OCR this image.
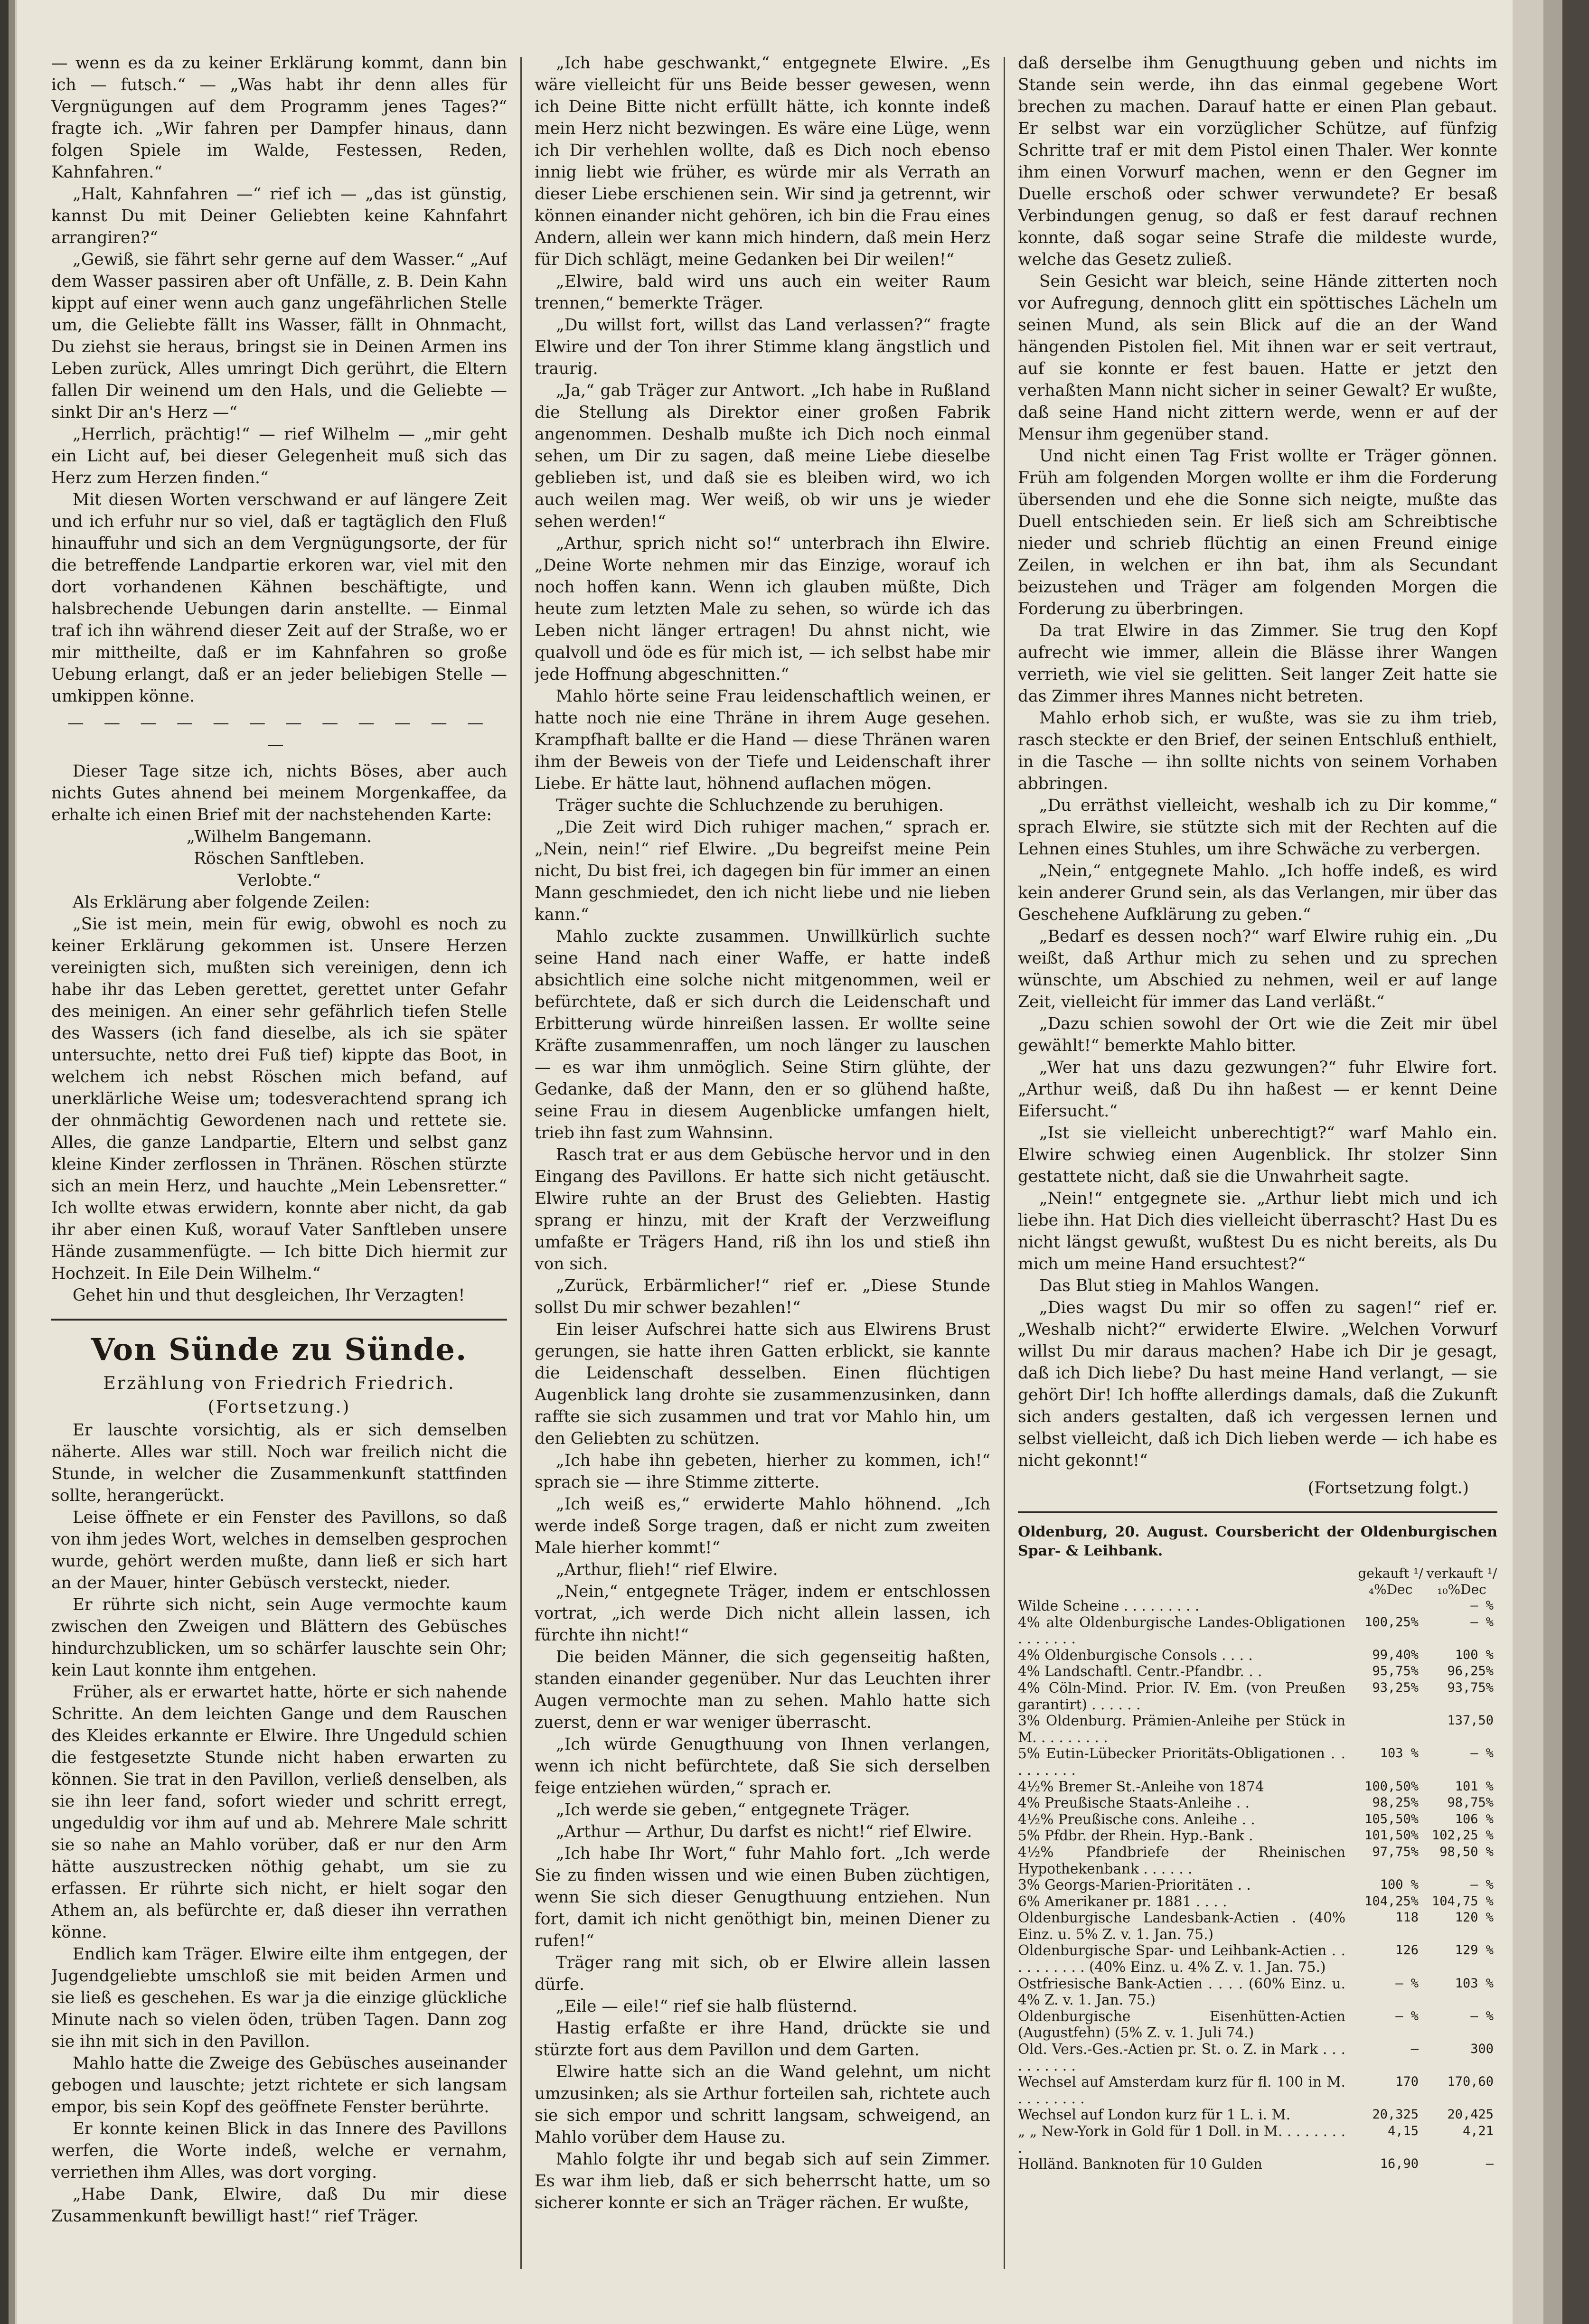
— wenn es da zu keiner Erklärung kommt, dann bin ich — futsch.“ — „Was habt ihr denn alles für Vergnügungen auf dem Programm jenes Tages?“ fragte ich. „Wir fahren per Dampfer hinaus, dann folgen Spiele im Walde, Festessen, Reden, Kahnfahren.“

„Halt, Kahnfahren —“ rief ich — „das ist günstig, kannst Du mit Deiner Geliebten keine Kahnfahrt arrangiren?“

„Gewiß, sie fährt sehr gerne auf dem Wasser.“ „Auf dem Wasser passiren aber oft Unfälle, z. B. Dein Kahn kippt auf einer wenn auch ganz ungefährlichen Stelle um, die Geliebte fällt ins Wasser, fällt in Ohnmacht, Du ziehst sie heraus, bringst sie in Deinen Armen ins Leben zurück, Alles umringt Dich gerührt, die Eltern fallen Dir weinend um den Hals, und die Geliebte — sinkt Dir an's Herz —“

„Herrlich, prächtig!“ — rief Wilhelm — „mir geht ein Licht auf, bei dieser Gelegenheit muß sich das Herz zum Herzen finden.“

Mit diesen Worten verschwand er auf längere Zeit und ich erfuhr nur so viel, daß er tagtäglich den Fluß hinauffuhr und sich an dem Vergnügungsorte, der für die betreffende Landpartie erkoren war, viel mit den dort vorhandenen Kähnen beschäftigte, und halsbrechende Uebungen darin anstellte. — Einmal traf ich ihn während dieser Zeit auf der Straße, wo er mir mittheilte, daß er im Kahnfahren so große Uebung erlangt, daß er an jeder beliebigen Stelle — umkippen könne.

— — — — — — — — — — — — —

Dieser Tage sitze ich, nichts Böses, aber auch nichts Gutes ahnend bei meinem Morgenkaffee, da erhalte ich einen Brief mit der nachstehenden Karte:

„Wilhelm Bangemann.

Röschen Sanftleben.

Verlobte.“

Als Erklärung aber folgende Zeilen:

„Sie ist mein, mein für ewig, obwohl es noch zu keiner Erklärung gekommen ist. Unsere Herzen vereinigten sich, mußten sich vereinigen, denn ich habe ihr das Leben gerettet, gerettet unter Gefahr des meinigen. An einer sehr gefährlich tiefen Stelle des Wassers (ich fand dieselbe, als ich sie später untersuchte, netto drei Fuß tief) kippte das Boot, in welchem ich nebst Röschen mich befand, auf unerklärliche Weise um; todesverachtend sprang ich der ohnmächtig Gewordenen nach und rettete sie. Alles, die ganze Landpartie, Eltern und selbst ganz kleine Kinder zerflossen in Thränen. Röschen stürzte sich an mein Herz, und hauchte „Mein Lebensretter.“ Ich wollte etwas erwidern, konnte aber nicht, da gab ihr aber einen Kuß, worauf Vater Sanftleben unsere Hände zusammenfügte. — Ich bitte Dich hiermit zur Hochzeit. In Eile Dein Wilhelm.“

Gehet hin und thut desgleichen, Ihr Verzagten!

Von Sünde zu Sünde.
Erzählung von Friedrich Friedrich.
(Fortsetzung.)

Er lauschte vorsichtig, als er sich demselben näherte. Alles war still. Noch war freilich nicht die Stunde, in welcher die Zusammenkunft stattfinden sollte, herangerückt.

Leise öffnete er ein Fenster des Pavillons, so daß von ihm jedes Wort, welches in demselben gesprochen wurde, gehört werden mußte, dann ließ er sich hart an der Mauer, hinter Gebüsch versteckt, nieder.

Er rührte sich nicht, sein Auge vermochte kaum zwischen den Zweigen und Blättern des Gebüsches hindurchzublicken, um so schärfer lauschte sein Ohr; kein Laut konnte ihm entgehen.

Früher, als er erwartet hatte, hörte er sich nahende Schritte. An dem leichten Gange und dem Rauschen des Kleides erkannte er Elwire. Ihre Ungeduld schien die festgesetzte Stunde nicht haben erwarten zu können. Sie trat in den Pavillon, verließ denselben, als sie ihn leer fand, sofort wieder und schritt erregt, ungeduldig vor ihm auf und ab. Mehrere Male schritt sie so nahe an Mahlo vorüber, daß er nur den Arm hätte auszustrecken nöthig gehabt, um sie zu erfassen. Er rührte sich nicht, er hielt sogar den Athem an, als befürchte er, daß dieser ihn verrathen könne.

Endlich kam Träger. Elwire eilte ihm entgegen, der Jugendgeliebte umschloß sie mit beiden Armen und sie ließ es geschehen. Es war ja die einzige glückliche Minute nach so vielen öden, trüben Tagen. Dann zog sie ihn mit sich in den Pavillon.

Mahlo hatte die Zweige des Gebüsches auseinander gebogen und lauschte; jetzt richtete er sich langsam empor, bis sein Kopf des geöffnete Fenster berührte.

Er konnte keinen Blick in das Innere des Pavillons werfen, die Worte indeß, welche er vernahm, verriethen ihm Alles, was dort vorging.

„Habe Dank, Elwire, daß Du mir diese Zusammenkunft bewilligt hast!“ rief Träger.

„Ich habe geschwankt,“ entgegnete Elwire. „Es wäre vielleicht für uns Beide besser gewesen, wenn ich Deine Bitte nicht erfüllt hätte, ich konnte indeß mein Herz nicht bezwingen. Es wäre eine Lüge, wenn ich Dir verhehlen wollte, daß es Dich noch ebenso innig liebt wie früher, es würde mir als Verrath an dieser Liebe erschienen sein. Wir sind ja getrennt, wir können einander nicht gehören, ich bin die Frau eines Andern, allein wer kann mich hindern, daß mein Herz für Dich schlägt, meine Gedanken bei Dir weilen!“

„Elwire, bald wird uns auch ein weiter Raum trennen,“ bemerkte Träger.

„Du willst fort, willst das Land verlassen?“ fragte Elwire und der Ton ihrer Stimme klang ängstlich und traurig.

„Ja,“ gab Träger zur Antwort. „Ich habe in Rußland die Stellung als Direktor einer großen Fabrik angenommen. Deshalb mußte ich Dich noch einmal sehen, um Dir zu sagen, daß meine Liebe dieselbe geblieben ist, und daß sie es bleiben wird, wo ich auch weilen mag. Wer weiß, ob wir uns je wieder sehen werden!“

„Arthur, sprich nicht so!“ unterbrach ihn Elwire. „Deine Worte nehmen mir das Einzige, worauf ich noch hoffen kann. Wenn ich glauben müßte, Dich heute zum letzten Male zu sehen, so würde ich das Leben nicht länger ertragen! Du ahnst nicht, wie qualvoll und öde es für mich ist, — ich selbst habe mir jede Hoffnung abgeschnitten.“

Mahlo hörte seine Frau leidenschaftlich weinen, er hatte noch nie eine Thräne in ihrem Auge gesehen. Krampfhaft ballte er die Hand — diese Thränen waren ihm der Beweis von der Tiefe und Leidenschaft ihrer Liebe. Er hätte laut, höhnend auflachen mögen.

Träger suchte die Schluchzende zu beruhigen.

„Die Zeit wird Dich ruhiger machen,“ sprach er. „Nein, nein!“ rief Elwire. „Du begreifst meine Pein nicht, Du bist frei, ich dagegen bin für immer an einen Mann geschmiedet, den ich nicht liebe und nie lieben kann.“

Mahlo zuckte zusammen. Unwillkürlich suchte seine Hand nach einer Waffe, er hatte indeß absichtlich eine solche nicht mitgenommen, weil er befürchtete, daß er sich durch die Leidenschaft und Erbitterung würde hinreißen lassen. Er wollte seine Kräfte zusammenraffen, um noch länger zu lauschen — es war ihm unmöglich. Seine Stirn glühte, der Gedanke, daß der Mann, den er so glühend haßte, seine Frau in diesem Augenblicke umfangen hielt, trieb ihn fast zum Wahnsinn.

Rasch trat er aus dem Gebüsche hervor und in den Eingang des Pavillons. Er hatte sich nicht getäuscht. Elwire ruhte an der Brust des Geliebten. Hastig sprang er hinzu, mit der Kraft der Verzweiflung umfaßte er Trägers Hand, riß ihn los und stieß ihn von sich.

„Zurück, Erbärmlicher!“ rief er. „Diese Stunde sollst Du mir schwer bezahlen!“

Ein leiser Aufschrei hatte sich aus Elwirens Brust gerungen, sie hatte ihren Gatten erblickt, sie kannte die Leidenschaft desselben. Einen flüchtigen Augenblick lang drohte sie zusammenzusinken, dann raffte sie sich zusammen und trat vor Mahlo hin, um den Geliebten zu schützen.

„Ich habe ihn gebeten, hierher zu kommen, ich!“ sprach sie — ihre Stimme zitterte.

„Ich weiß es,“ erwiderte Mahlo höhnend. „Ich werde indeß Sorge tragen, daß er nicht zum zweiten Male hierher kommt!“

„Arthur, flieh!“ rief Elwire.

„Nein,“ entgegnete Träger, indem er entschlossen vortrat, „ich werde Dich nicht allein lassen, ich fürchte ihn nicht!“

Die beiden Männer, die sich gegenseitig haßten, standen einander gegenüber. Nur das Leuchten ihrer Augen vermochte man zu sehen. Mahlo hatte sich zuerst, denn er war weniger überrascht.

„Ich würde Genugthuung von Ihnen verlangen, wenn ich nicht befürchtete, daß Sie sich derselben feige entziehen würden,“ sprach er.

„Ich werde sie geben,“ entgegnete Träger.

„Arthur — Arthur, Du darfst es nicht!“ rief Elwire.

„Ich habe Ihr Wort,“ fuhr Mahlo fort. „Ich werde Sie zu finden wissen und wie einen Buben züchtigen, wenn Sie sich dieser Genugthuung entziehen. Nun fort, damit ich nicht genöthigt bin, meinen Diener zu rufen!“

Träger rang mit sich, ob er Elwire allein lassen dürfe.

„Eile — eile!“ rief sie halb flüsternd.

Hastig erfaßte er ihre Hand, drückte sie und stürzte fort aus dem Pavillon und dem Garten.

Elwire hatte sich an die Wand gelehnt, um nicht umzusinken; als sie Arthur forteilen sah, richtete auch sie sich empor und schritt langsam, schweigend, an Mahlo vorüber dem Hause zu.

Mahlo folgte ihr und begab sich auf sein Zimmer. Es war ihm lieb, daß er sich beherrscht hatte, um so sicherer konnte er sich an Träger rächen. Er wußte,

daß derselbe ihm Genugthuung geben und nichts im Stande sein werde, ihn das einmal gegebene Wort brechen zu machen. Darauf hatte er einen Plan gebaut. Er selbst war ein vorzüglicher Schütze, auf fünfzig Schritte traf er mit dem Pistol einen Thaler. Wer konnte ihm einen Vorwurf machen, wenn er den Gegner im Duelle erschoß oder schwer verwundete? Er besaß Verbindungen genug, so daß er fest darauf rechnen konnte, daß sogar seine Strafe die mildeste wurde, welche das Gesetz zuließ.

Sein Gesicht war bleich, seine Hände zitterten noch vor Aufregung, dennoch glitt ein spöttisches Lächeln um seinen Mund, als sein Blick auf die an der Wand hängenden Pistolen fiel. Mit ihnen war er seit vertraut, auf sie konnte er fest bauen. Hatte er jetzt den verhaßten Mann nicht sicher in seiner Gewalt? Er wußte, daß seine Hand nicht zittern werde, wenn er auf der Mensur ihm gegenüber stand.

Und nicht einen Tag Frist wollte er Träger gönnen. Früh am folgenden Morgen wollte er ihm die Forderung übersenden und ehe die Sonne sich neigte, mußte das Duell entschieden sein. Er ließ sich am Schreibtische nieder und schrieb flüchtig an einen Freund einige Zeilen, in welchen er ihn bat, ihm als Secundant beizustehen und Träger am folgenden Morgen die Forderung zu überbringen.

Da trat Elwire in das Zimmer. Sie trug den Kopf aufrecht wie immer, allein die Blässe ihrer Wangen verrieth, wie viel sie gelitten. Seit langer Zeit hatte sie das Zimmer ihres Mannes nicht betreten.

Mahlo erhob sich, er wußte, was sie zu ihm trieb, rasch steckte er den Brief, der seinen Entschluß enthielt, in die Tasche — ihn sollte nichts von seinem Vorhaben abbringen.

„Du erräthst vielleicht, weshalb ich zu Dir komme,“ sprach Elwire, sie stützte sich mit der Rechten auf die Lehnen eines Stuhles, um ihre Schwäche zu verbergen.

„Nein,“ entgegnete Mahlo. „Ich hoffe indeß, es wird kein anderer Grund sein, als das Verlangen, mir über das Geschehene Aufklärung zu geben.“

„Bedarf es dessen noch?“ warf Elwire ruhig ein. „Du weißt, daß Arthur mich zu sehen und zu sprechen wünschte, um Abschied zu nehmen, weil er auf lange Zeit, vielleicht für immer das Land verläßt.“

„Dazu schien sowohl der Ort wie die Zeit mir übel gewählt!“ bemerkte Mahlo bitter.

„Wer hat uns dazu gezwungen?“ fuhr Elwire fort. „Arthur weiß, daß Du ihn haßest — er kennt Deine Eifersucht.“

„Ist sie vielleicht unberechtigt?“ warf Mahlo ein. Elwire schwieg einen Augenblick. Ihr stolzer Sinn gestattete nicht, daß sie die Unwahrheit sagte.

„Nein!“ entgegnete sie. „Arthur liebt mich und ich liebe ihn. Hat Dich dies vielleicht überrascht? Hast Du es nicht längst gewußt, wußtest Du es nicht bereits, als Du mich um meine Hand ersuchtest?“

Das Blut stieg in Mahlos Wangen.

„Dies wagst Du mir so offen zu sagen!“ rief er. „Weshalb nicht?“ erwiderte Elwire. „Welchen Vorwurf willst Du mir daraus machen? Habe ich Dir je gesagt, daß ich Dich liebe? Du hast meine Hand verlangt, — sie gehört Dir! Ich hoffte allerdings damals, daß die Zukunft sich anders gestalten, daß ich vergessen lernen und selbst vielleicht, daß ich Dich lieben werde — ich habe es nicht gekonnt!“

(Fortsetzung folgt.)
Oldenburg, 20. August. Coursbericht der Oldenburgischen Spar- & Leihbank.
gekauft ¹/₄%Dec
verkauft ¹/₁₀%Dec
Wilde Scheine . . . . . . . . .		— %
4% alte Oldenburgische Landes-Obligationen . . . . . . .	100,25%	— %
4% Oldenburgische Consols . . . .	99,40%	100 %
4% Landschaftl. Centr.-Pfandbr. . .	95,75%	96,25%
4% Cöln-Mind. Prior. IV. Em. (von Preußen garantirt) . . . . . .	93,25%	93,75%
3% Oldenburg. Prämien-Anleihe per Stück in M. . . . . . . . .		137,50
5% Eutin-Lübecker Prioritäts-Obligationen . . . . . . . . .	103 %	— %
4½% Bremer St.-Anleihe von 1874	100,50%	101 %
4% Preußische Staats-Anleihe . .	98,25%	98,75%
4½% Preußische cons. Anleihe . .	105,50%	106 %
5% Pfdbr. der Rhein. Hyp.-Bank .	101,50%	102,25 %
4½% Pfandbriefe der Rheinischen Hypothekenbank . . . . . .	97,75%	98,50 %
3% Georgs-Marien-Prioritäten . .	100 %	— %
6% Amerikaner pr. 1881 . . . .	104,25%	104,75 %
Oldenburgische Landesbank-Actien . (40% Einz. u. 5% Z. v. 1. Jan. 75.)	118	120 %
Oldenburgische Spar- und Leihbank-Actien . . . . . . . . . . (40% Einz. u. 4% Z. v. 1. Jan. 75.)	126	129 %
Ostfriesische Bank-Actien . . . . (60% Einz. u. 4% Z. v. 1. Jan. 75.)	— %	103 %
Oldenburgische Eisenhütten-Actien (Augustfehn) (5% Z. v. 1. Juli 74.)	— %	— %
Old. Vers.-Ges.-Actien pr. St. o. Z. in Mark . . . . . . . . . .	—	300
Wechsel auf Amsterdam kurz für fl. 100 in M. . . . . . . . .	170	170,60
Wechsel auf London kurz für 1 L. i. M.	20,325	20,425
„ „ New-York in Gold für 1 Doll. in M. . . . . . . . .	4,15	4,21
Holländ. Banknoten für 10 Gulden	16,90	—
